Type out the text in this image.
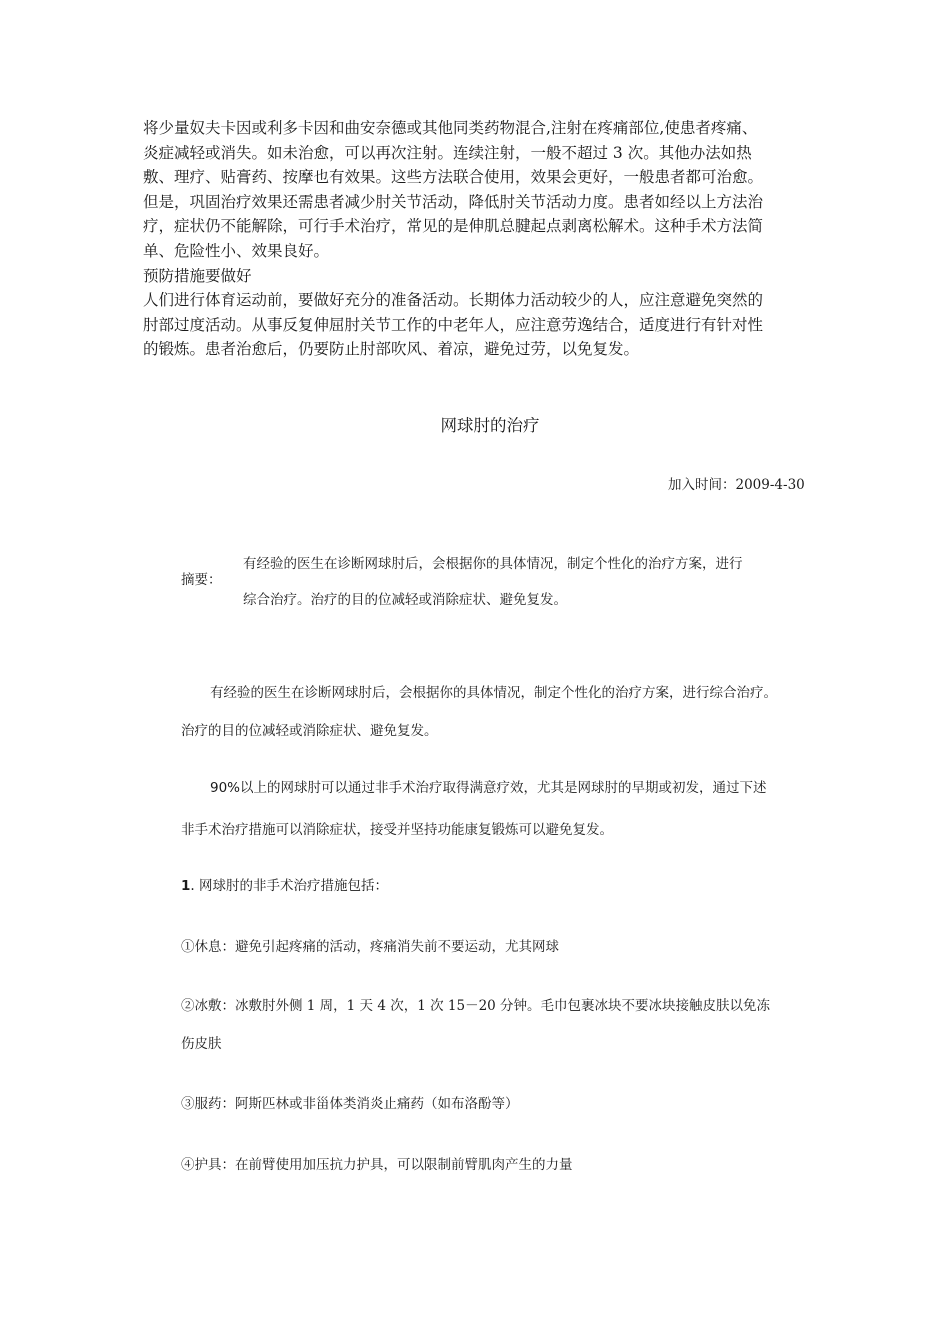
将少量奴夫卡因或利多卡因和曲安奈德或其他同类药物混合,注射在疼痛部位,使患者疼痛、

炎症减轻或消失。如未治愈，可以再次注射。连续注射，一般不超过 3 次。其他办法如热

敷、理疗、贴膏药、按摩也有效果。这些方法联合使用，效果会更好，一般患者都可治愈。

但是，巩固治疗效果还需患者减少肘关节活动，降低肘关节活动力度。患者如经以上方法治

疗，症状仍不能解除，可行手术治疗，常见的是伸肌总腱起点剥离松解术。这种手术方法简

单、危险性小、效果良好。

预防措施要做好

人们进行体育运动前，要做好充分的准备活动。长期体力活动较少的人，应注意避免突然的

肘部过度活动。从事反复伸屈肘关节工作的中老年人，应注意劳逸结合，适度进行有针对性

的锻炼。患者治愈后，仍要防止肘部吹风、着凉，避免过劳，以免复发。

网球肘的治疗
加入时间：2009-4-30
摘要：

有经验的医生在诊断网球肘后，会根据你的具体情况，制定个性化的治疗方案，进行

综合治疗。治疗的目的位减轻或消除症状、避免复发。

有经验的医生在诊断网球肘后，会根据你的具体情况，制定个性化的治疗方案，进行综合治疗。
治疗的目的位减轻或消除症状、避免复发。
90%以上的网球肘可以通过非手术治疗取得满意疗效，尤其是网球肘的早期或初发，通过下述
非手术治疗措施可以消除症状，接受并坚持功能康复锻炼可以避免复发。
1. 网球肘的非手术治疗措施包括：
①休息：避免引起疼痛的活动，疼痛消失前不要运动，尤其网球
②冰敷：冰敷肘外侧 1 周，1 天 4 次，1 次 15－20 分钟。毛巾包裹冰块不要冰块接触皮肤以免冻
伤皮肤
③服药：阿斯匹林或非甾体类消炎止痛药（如布洛酚等）
④护具：在前臂使用加压抗力护具，可以限制前臂肌肉产生的力量
